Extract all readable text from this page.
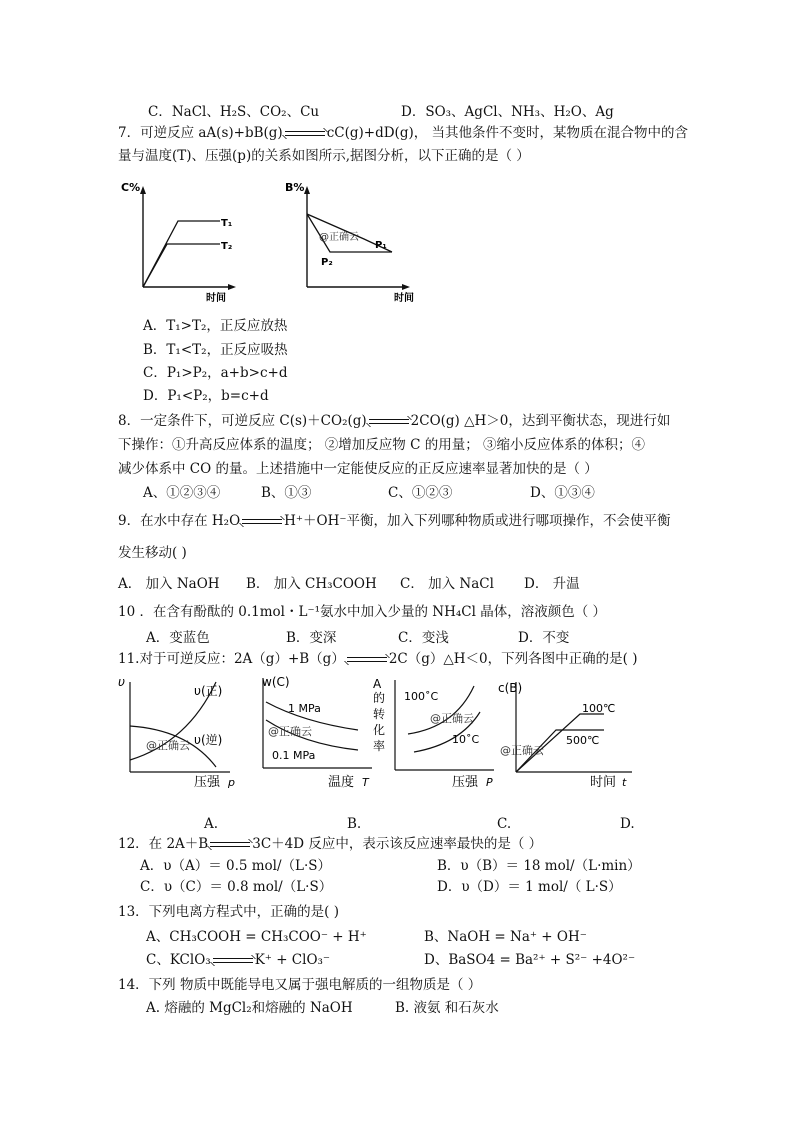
C．NaCl、H₂S、CO₂、Cu	D．SO₃、AgCl、NH₃、H₂O、Ag
7．可逆反应 aA(s)+bB(g)	cC(g)+dD(g)， 当其他条件不变时，某物质在混合物中的含
量与温度(T)、压强(p)的关系如图所示,据图分析，以下正确的是（ ）
C%
T₁
T₂
时间
B%
@正确云
P₁
P₂
时间
A．T₁>T₂，正反应放热
B．T₁<T₂，正反应吸热
C．P₁>P₂，a+b>c+d
D．P₁<P₂，b=c+d
8．一定条件下，可逆反应 C(s)＋CO₂(g)	2CO(g) △H＞0，达到平衡状态，现进行如
下操作：①升高反应体系的温度； ②增加反应物 C 的用量； ③缩小反应体系的体积；④
减少体系中 CO 的量。上述措施中一定能使反应的正反应速率显著加快的是（ ）
A、①②③④	B、①③	C、①②③	D、①③④
9．在水中存在 H₂O	H⁺＋OH⁻平衡，加入下列哪种物质或进行哪项操作，不会使平衡
发生移动( )
A． 加入 NaOH B． 加入 CH₃COOH C． 加入 NaCl D． 升温
10 ．在含有酚酞的 0.1mol・L⁻¹氨水中加入少量的 NH₄Cl 晶体，溶液颜色（ ）
A．变蓝色	B．变深	C．变浅	D．不变
11.对于可逆反应：2A（g）+B（g）	2C（g）△H＜0，下列各图中正确的是( )
υ
υ(正)
υ(逆)
@正确云
压强 p
w(C)
1 MPa
@正确云
0.1 MPa
温度 T
A
的
转
化
率
100˚C
@正确云
10˚C
压强 P
c(B)
100℃
500℃
@正确云
时间 t
A.	B.	C.	D.
12．在 2A＋B	3C＋4D 反应中，表示该反应速率最快的是（ ）
A．υ（A）＝ 0.5 mol/（L·S）	B．υ（B）＝ 18 mol/（L·min）
C．υ（C）＝ 0.8 mol/（L·S）	D．υ（D）＝ 1 mol/（ L·S）
13．下列电离方程式中，正确的是( )
A、CH₃COOH = CH₃COO⁻ + H⁺	B、NaOH = Na⁺ + OH⁻
C、KClO₃	K⁺ + ClO₃⁻	D、BaSO4 = Ba²⁺ + S²⁻ +4O²⁻
14．下列 物质中既能导电又属于强电解质的一组物质是（ ）
A. 熔融的 MgCl₂和熔融的 NaOH	B. 液氨 和石灰水
